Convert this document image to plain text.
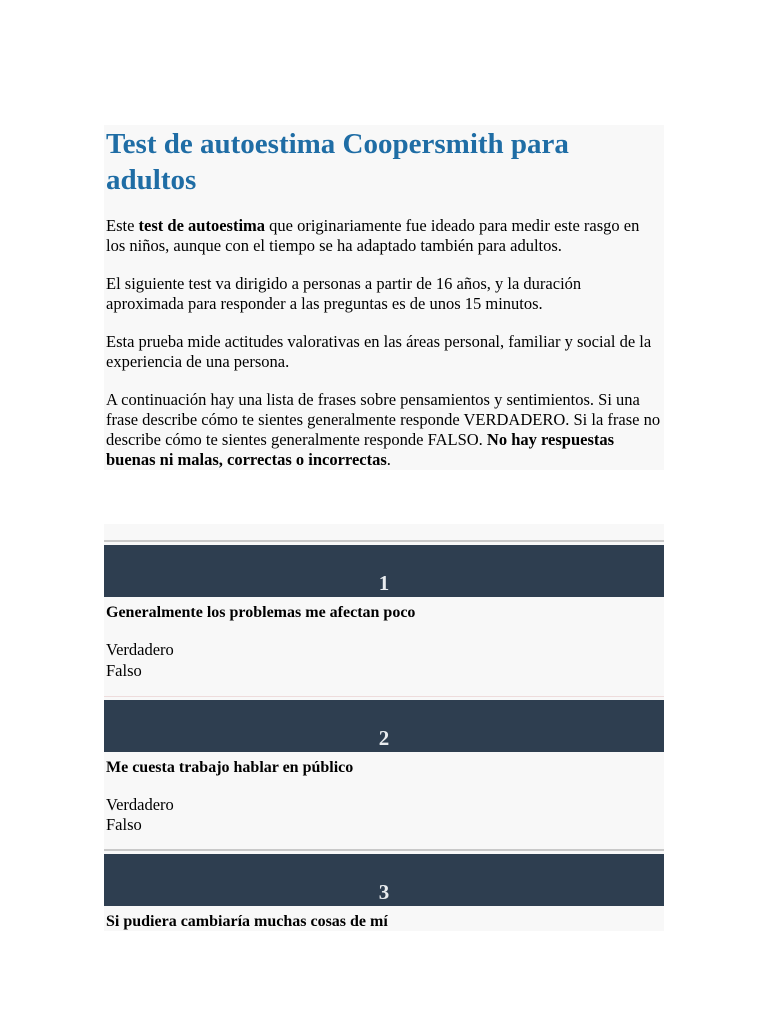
Test de autoestima Coopersmith para adultos

Este test de autoestima que originariamente fue ideado para medir este rasgo en los niños, aunque con el tiempo se ha adaptado también para adultos.

El siguiente test va dirigido a personas a partir de 16 años, y la duración aproximada para responder a las preguntas es de unos 15 minutos.

Esta prueba mide actitudes valorativas en las áreas personal, familiar y social de la experiencia de una persona.

A continuación hay una lista de frases sobre pensamientos y sentimientos. Si una frase describe cómo te sientes generalmente responde VERDADERO. Si la frase no describe cómo te sientes generalmente responde FALSO. No hay respuestas buenas ni malas, correctas o incorrectas.

1

Generalmente los problemas me afectan poco

Verdadero
Falso
2

Me cuesta trabajo hablar en público

Verdadero
Falso
3

Si pudiera cambiaría muchas cosas de mí
